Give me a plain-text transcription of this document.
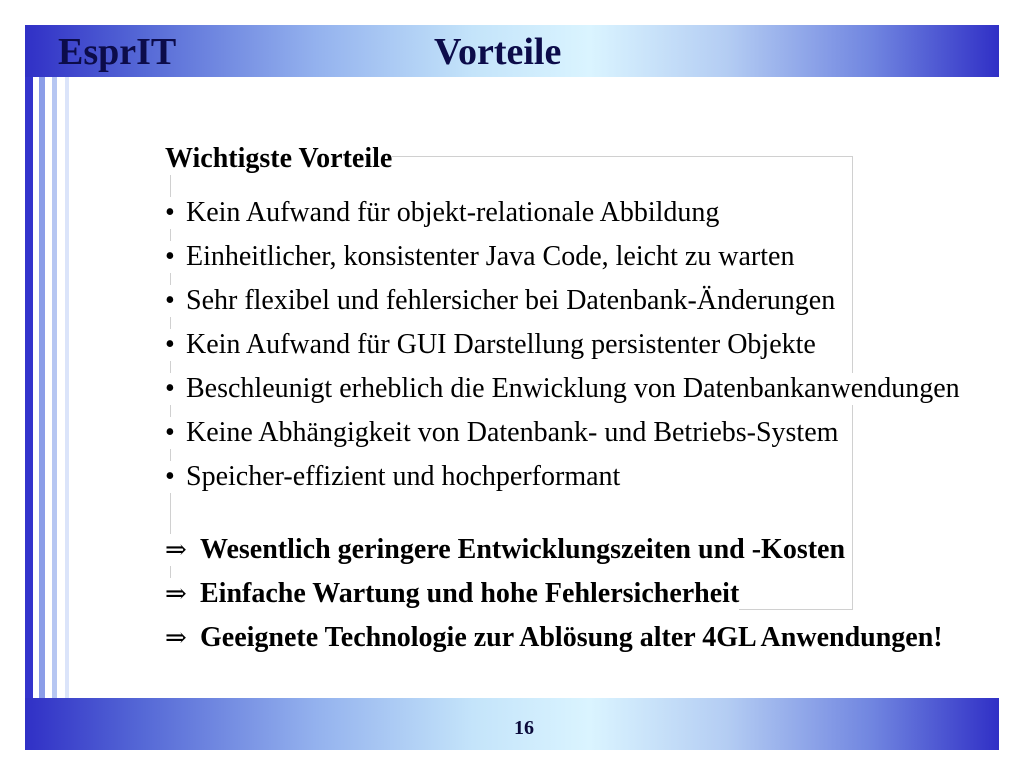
EsprIT	Vorteile
Wichtigste Vorteile
• Kein Aufwand für objekt-relationale Abbildung
• Einheitlicher, konsistenter Java Code, leicht zu warten
• Sehr flexibel und fehlersicher bei Datenbank-Änderungen
• Kein Aufwand für GUI Darstellung persistenter Objekte
• Beschleunigt erheblich die Enwicklung von Datenbankanwendungen
• Keine Abhängigkeit von Datenbank- und Betriebs-System
• Speicher-effizient und hochperformant
⇒ Wesentlich geringere Entwicklungszeiten und -Kosten
⇒ Einfache Wartung und hohe Fehlersicherheit
⇒ Geeignete Technologie zur Ablösung alter 4GL Anwendungen!
16
